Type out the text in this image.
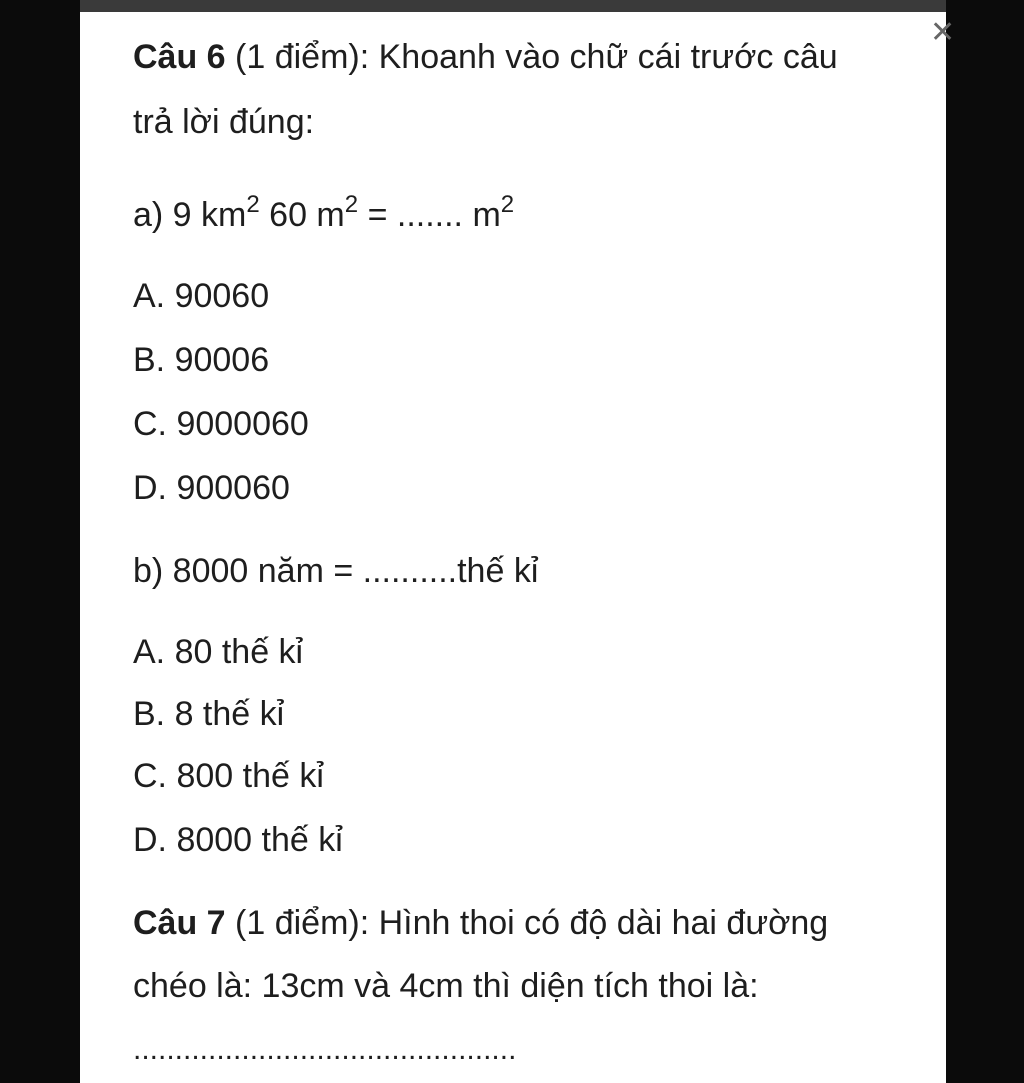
✕
Câu 6 (1 điểm): Khoanh vào chữ cái trước câu
trả lời đúng:
a) 9 $km^2$ 60 $m^2$ = ....... $m^2$
A. 90060
B. 90006
C. 9000060
D. 900060
b) 8000 năm = ..........thế kỉ
A. 80 thế kỉ
B. 8 thế kỉ
C. 800 thế kỉ
D. 8000 thế kỉ
Câu 7 (1 điểm): Hình thoi có độ dài hai đường
chéo là: 13cm và 4cm thì diện tích thoi là:
..............................................
